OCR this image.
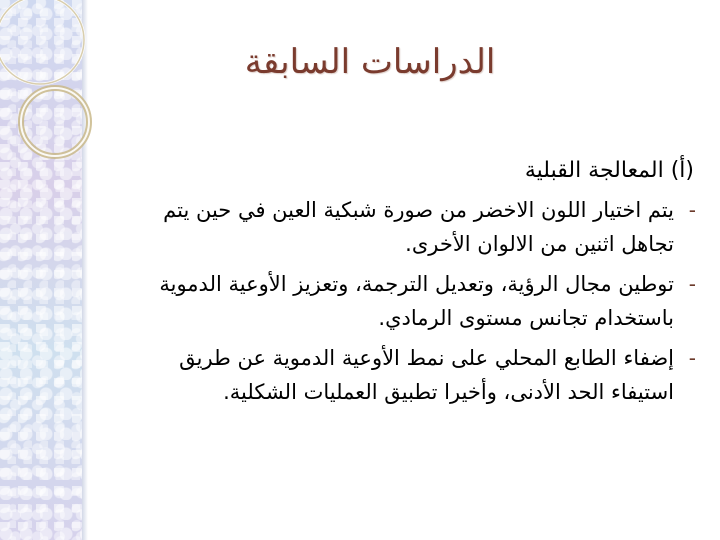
الدراسات السابقة
(أ) المعالجة القبلية
-
يتم اختيار اللون الاخضر من صورة شبكية العين في حين يتم تجاهل اثنين من الالوان الأخرى.
-
توطين مجال الرؤية، وتعديل الترجمة، وتعزيز الأوعية الدموية باستخدام تجانس مستوى الرمادي.
-
إضفاء الطابع المحلي على نمط الأوعية الدموية عن طريق استيفاء الحد الأدنى، وأخيرا تطبيق العمليات الشكلية.
